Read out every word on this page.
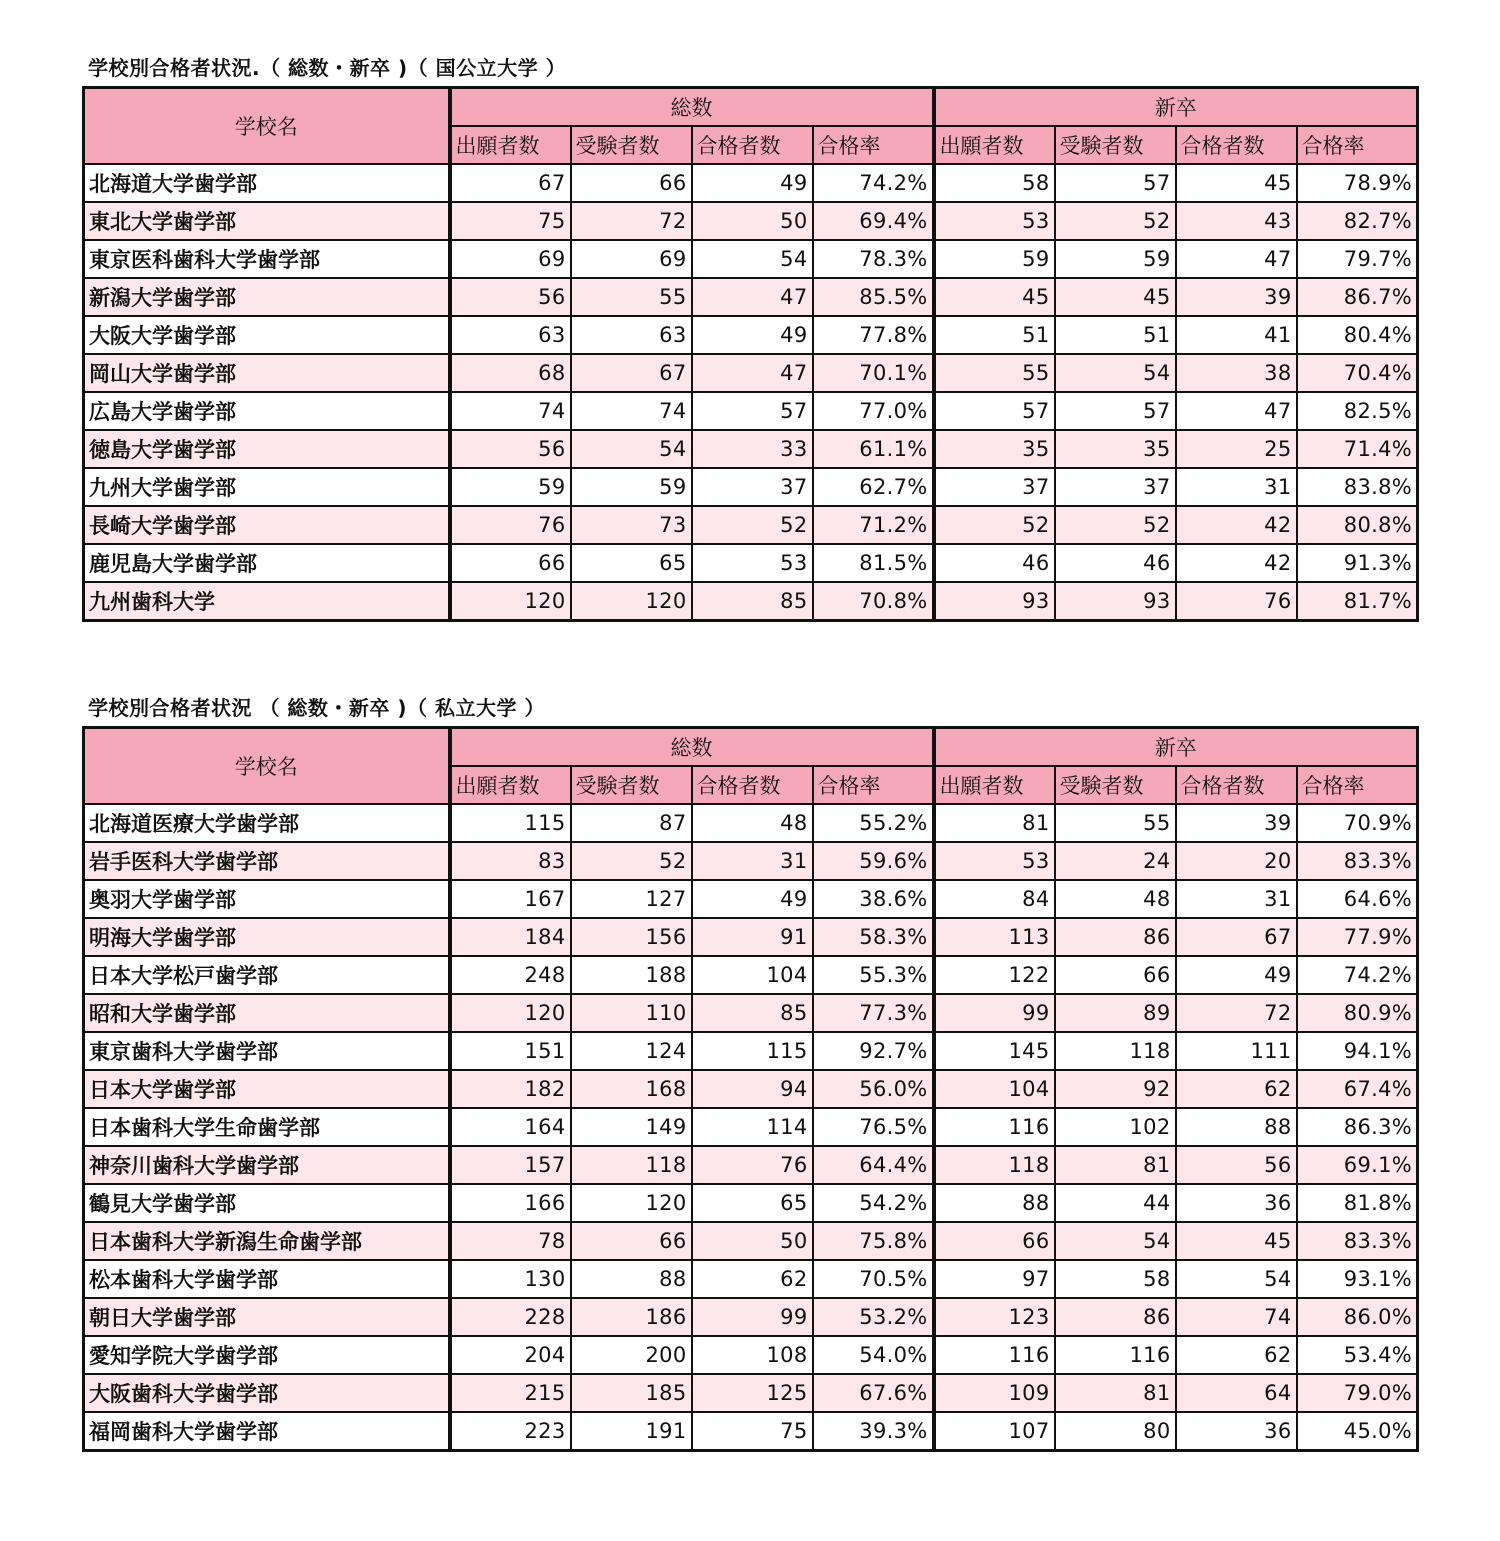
学校別合格者状況.（ 総数・新卒 )（ 国公立大学 ）
学校名	総数				新卒			
	出願者数	受験者数	合格者数	合格率	出願者数	受験者数	合格者数	合格率
北海道大学歯学部	67	66	49	74.2%	58	57	45	78.9%
東北大学歯学部	75	72	50	69.4%	53	52	43	82.7%
東京医科歯科大学歯学部	69	69	54	78.3%	59	59	47	79.7%
新潟大学歯学部	56	55	47	85.5%	45	45	39	86.7%
大阪大学歯学部	63	63	49	77.8%	51	51	41	80.4%
岡山大学歯学部	68	67	47	70.1%	55	54	38	70.4%
広島大学歯学部	74	74	57	77.0%	57	57	47	82.5%
徳島大学歯学部	56	54	33	61.1%	35	35	25	71.4%
九州大学歯学部	59	59	37	62.7%	37	37	31	83.8%
長崎大学歯学部	76	73	52	71.2%	52	52	42	80.8%
鹿児島大学歯学部	66	65	53	81.5%	46	46	42	91.3%
九州歯科大学	120	120	85	70.8%	93	93	76	81.7%
学校別合格者状況 （ 総数・新卒 )（ 私立大学 ）
学校名	総数				新卒			
	出願者数	受験者数	合格者数	合格率	出願者数	受験者数	合格者数	合格率
北海道医療大学歯学部	115	87	48	55.2%	81	55	39	70.9%
岩手医科大学歯学部	83	52	31	59.6%	53	24	20	83.3%
奥羽大学歯学部	167	127	49	38.6%	84	48	31	64.6%
明海大学歯学部	184	156	91	58.3%	113	86	67	77.9%
日本大学松戸歯学部	248	188	104	55.3%	122	66	49	74.2%
昭和大学歯学部	120	110	85	77.3%	99	89	72	80.9%
東京歯科大学歯学部	151	124	115	92.7%	145	118	111	94.1%
日本大学歯学部	182	168	94	56.0%	104	92	62	67.4%
日本歯科大学生命歯学部	164	149	114	76.5%	116	102	88	86.3%
神奈川歯科大学歯学部	157	118	76	64.4%	118	81	56	69.1%
鶴見大学歯学部	166	120	65	54.2%	88	44	36	81.8%
日本歯科大学新潟生命歯学部	78	66	50	75.8%	66	54	45	83.3%
松本歯科大学歯学部	130	88	62	70.5%	97	58	54	93.1%
朝日大学歯学部	228	186	99	53.2%	123	86	74	86.0%
愛知学院大学歯学部	204	200	108	54.0%	116	116	62	53.4%
大阪歯科大学歯学部	215	185	125	67.6%	109	81	64	79.0%
福岡歯科大学歯学部	223	191	75	39.3%	107	80	36	45.0%
